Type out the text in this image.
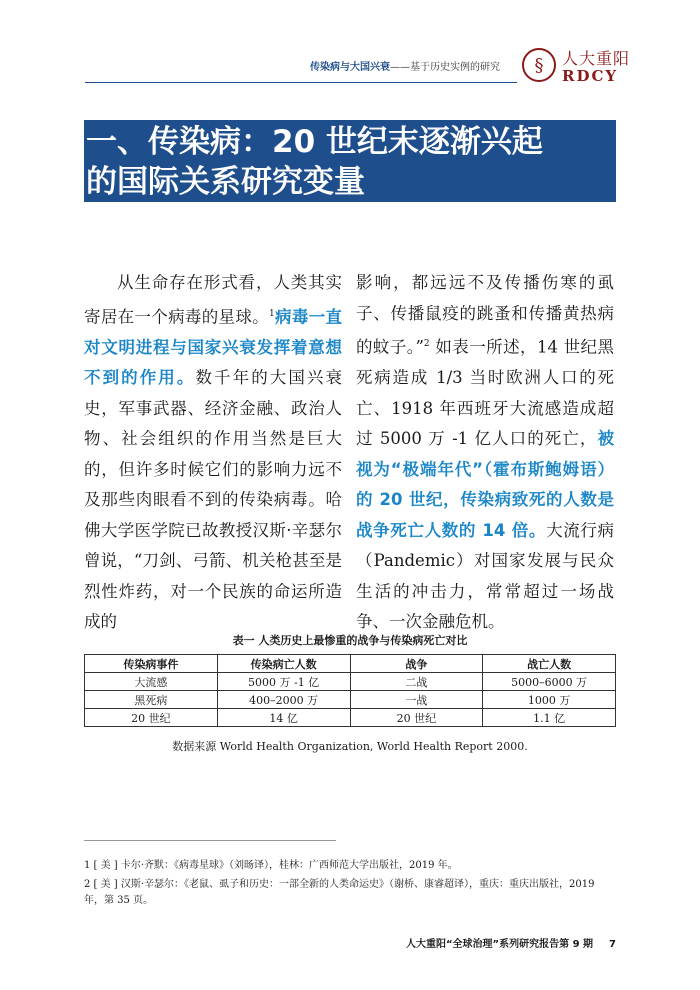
传染病与大国兴衰——基于历史实例的研究	§	人大重阳
RDCY
一、传染病：20 世纪末逐渐兴起
的国际关系研究变量

从生命存在形式看，人类其实寄居在一个病毒的星球。$^1$病毒一直对文明进程与国家兴衰发挥着意想不到的作用。数千年的大国兴衰史，军事武器、经济金融、政治人物、社会组织的作用当然是巨大的，但许多时候它们的影响力远不及那些肉眼看不到的传染病毒。哈佛大学医学院已故教授汉斯·辛瑟尔曾说，“刀剑、弓箭、机关枪甚至是烈性炸药，对一个民族的命运所造成的

影响，都远远不及传播伤寒的虱子、传播鼠疫的跳蚤和传播黄热病的蚊子。”$^2$ 如表一所述，14 世纪黑死病造成 1/3 当时欧洲人口的死亡、1918 年西班牙大流感造成超过 5000 万 -1 亿人口的死亡，被视为“极端年代”（霍布斯鲍姆语）的 20 世纪，传染病致死的人数是战争死亡人数的 14 倍。大流行病（Pandemic）对国家发展与民众生活的冲击力，常常超过一场战争、一次金融危机。

表一 人类历史上最惨重的战争与传染病死亡对比
传染病事件	传染病亡人数	战争	战亡人数
大流感	5000 万 -1 亿	二战	5000–6000 万
黑死病	400–2000 万	一战	1000 万
20 世纪	14 亿	20 世纪	1.1 亿
数据来源 World Health Organization, World Health Report 2000.

1 [ 美 ] 卡尔·齐默：《病毒星球》（刘旸译），桂林：广西师范大学出版社，2019 年。

2 [ 美 ] 汉斯·辛瑟尔：《老鼠、虱子和历史：一部全新的人类命运史》（谢桥、康睿超译），重庆：重庆出版社，2019 年，第 35 页。

人大重阳“全球治理”系列研究报告第 9 期 7
